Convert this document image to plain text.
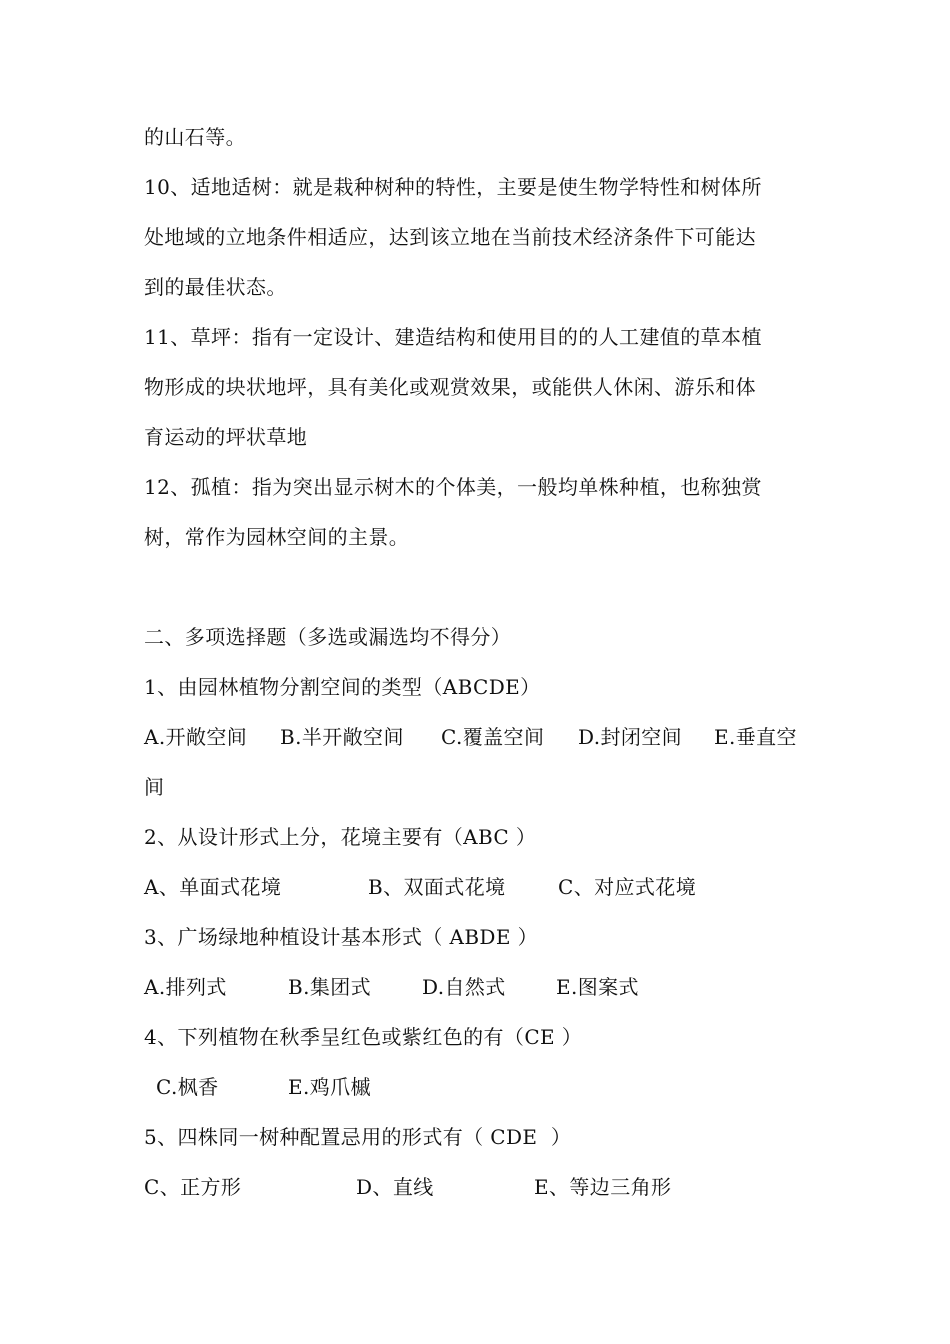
的山石等。
10、适地适树：就是栽种树种的特性，主要是使生物学特性和树体所
处地域的立地条件相适应，达到该立地在当前技术经济条件下可能达
到的最佳状态。
11、草坪：指有一定设计、建造结构和使用目的的人工建值的草本植
物形成的块状地坪，具有美化或观赏效果，或能供人休闲、游乐和体
育运动的坪状草地
12、孤植：指为突出显示树木的个体美，一般均单株种植，也称独赏
树，常作为园林空间的主景。
二、多项选择题（多选或漏选均不得分）
1、由园林植物分割空间的类型（ABCDE）
A.开敞空间	B.半开敞空间	C.覆盖空间	D.封闭空间	E.垂直空
间
2、从设计形式上分，花境主要有（ABC ）
A、单面式花境	B、双面式花境	C、对应式花境
3、广场绿地种植设计基本形式（ ABDE ）
A.排列式	B.集团式	D.自然式	E.图案式
4、下列植物在秋季呈红色或紫红色的有（CE ）
C.枫香	E.鸡爪槭
5、四株同一树种配置忌用的形式有（ CDE  ）
C、正方形	D、直线	E、等边三角形
